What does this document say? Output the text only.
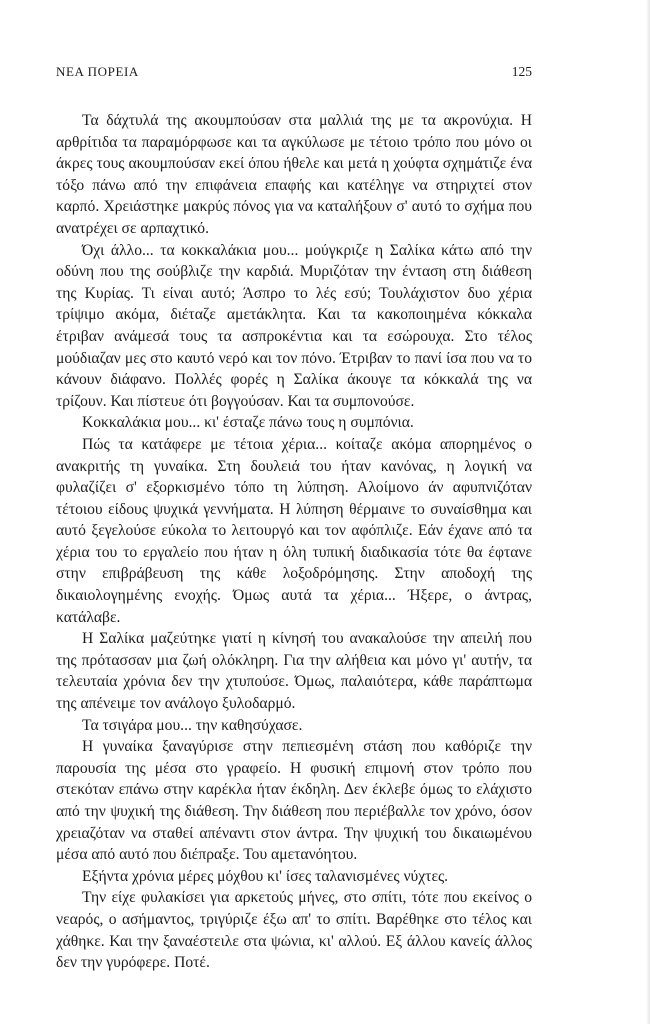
ΝΕΑ ΠΟΡΕΙΑ	125

Τα δάχτυλά της ακουμπούσαν στα μαλλιά της με τα ακρονύχια. Η αρθρίτιδα τα παραμόρφωσε και τα αγκύλωσε με τέτοιο τρόπο που μόνο οι άκρες τους ακουμπούσαν εκεί όπου ήθελε και μετά η χούφτα σχημάτιζε ένα τόξο πάνω από την επιφάνεια επαφής και κατέληγε να στηριχτεί στον καρπό. Χρειάστηκε μακρύς πόνος για να καταλήξουν σ' αυτό το σχήμα που ανατρέχει σε αρπαχτικό.

Όχι άλλο... τα κοκκαλάκια μου... μούγκριζε η Σαλίκα κάτω από την οδύνη που της σούβλιζε την καρδιά. Μυριζόταν την ένταση στη διάθεση της Κυρίας. Τι είναι αυτό; Άσπρο το λές εσύ; Τουλάχιστον δυο χέρια τρίψιμο ακόμα, διέταζε αμετάκλητα. Και τα κακοποιημένα κόκκαλα έτριβαν ανάμεσά τους τα ασπροκέντια και τα εσώρουχα. Στο τέλος μούδιαζαν μες στο καυτό νερό και τον πόνο. Έτριβαν το πανί ίσα που να το κάνουν διάφανο. Πολλές φορές η Σαλίκα άκουγε τα κόκκαλά της να τρίζουν. Και πίστευε ότι βογγούσαν. Και τα συμπονούσε.

Κοκκαλάκια μου... κι' έσταζε πάνω τους η συμπόνια.

Πώς τα κατάφερε με τέτοια χέρια... κοίταζε ακόμα απορημένος ο ανακριτής τη γυναίκα. Στη δουλειά του ήταν κανόνας, η λογική να φυλαζίζει σ' εξορκισμένο τόπο τη λύπηση. Αλοίμονο άν αφυπνιζόταν τέτοιου είδους ψυχικά γεννήματα. Η λύπηση θέρμαινε το συναίσθημα και αυτό ξεγελούσε εύκολα το λειτουργό και τον αφόπλιζε. Εάν έχανε από τα χέρια του το εργαλείο που ήταν η όλη τυπική διαδικασία τότε θα έφτανε στην επιβράβευση της κάθε λοξοδρόμησης. Στην αποδοχή της δικαιολογημένης ενοχής. Όμως αυτά τα χέρια... Ήξερε, ο άντρας, κατάλαβε.

Η Σαλίκα μαζεύτηκε γιατί η κίνησή του ανακαλούσε την απειλή που της πρότασσαν μια ζωή ολόκληρη. Για την αλήθεια και μόνο γι' αυτήν, τα τελευταία χρόνια δεν την χτυπούσε. Όμως, παλαιότερα, κάθε παράπτωμα της απένειμε τον ανάλογο ξυλοδαρμό.

Τα τσιγάρα μου... την καθησύχασε.

Η γυναίκα ξαναγύρισε στην πεπιεσμένη στάση που καθόριζε την παρουσία της μέσα στο γραφείο. Η φυσική επιμονή στον τρόπο που στεκόταν επάνω στην καρέκλα ήταν έκδηλη. Δεν έκλεβε όμως το ελάχιστο από την ψυχική της διάθεση. Την διάθεση που περιέβαλλε τον χρόνο, όσον χρειαζόταν να σταθεί απέναντι στον άντρα. Την ψυχική του δικαιωμένου μέσα από αυτό που διέπραξε. Του αμετανόητου.

Εξήντα χρόνια μέρες μόχθου κι' ίσες ταλανισμένες νύχτες.

Την είχε φυλακίσει για αρκετούς μήνες, στο σπίτι, τότε που εκείνος ο νεαρός, ο ασήμαντος, τριγύριζε έξω απ' το σπίτι. Βαρέθηκε στο τέλος και χάθηκε. Και την ξαναέστειλε στα ψώνια, κι' αλλού. Εξ άλλου κανείς άλλος δεν την γυρόφερε. Ποτέ.
